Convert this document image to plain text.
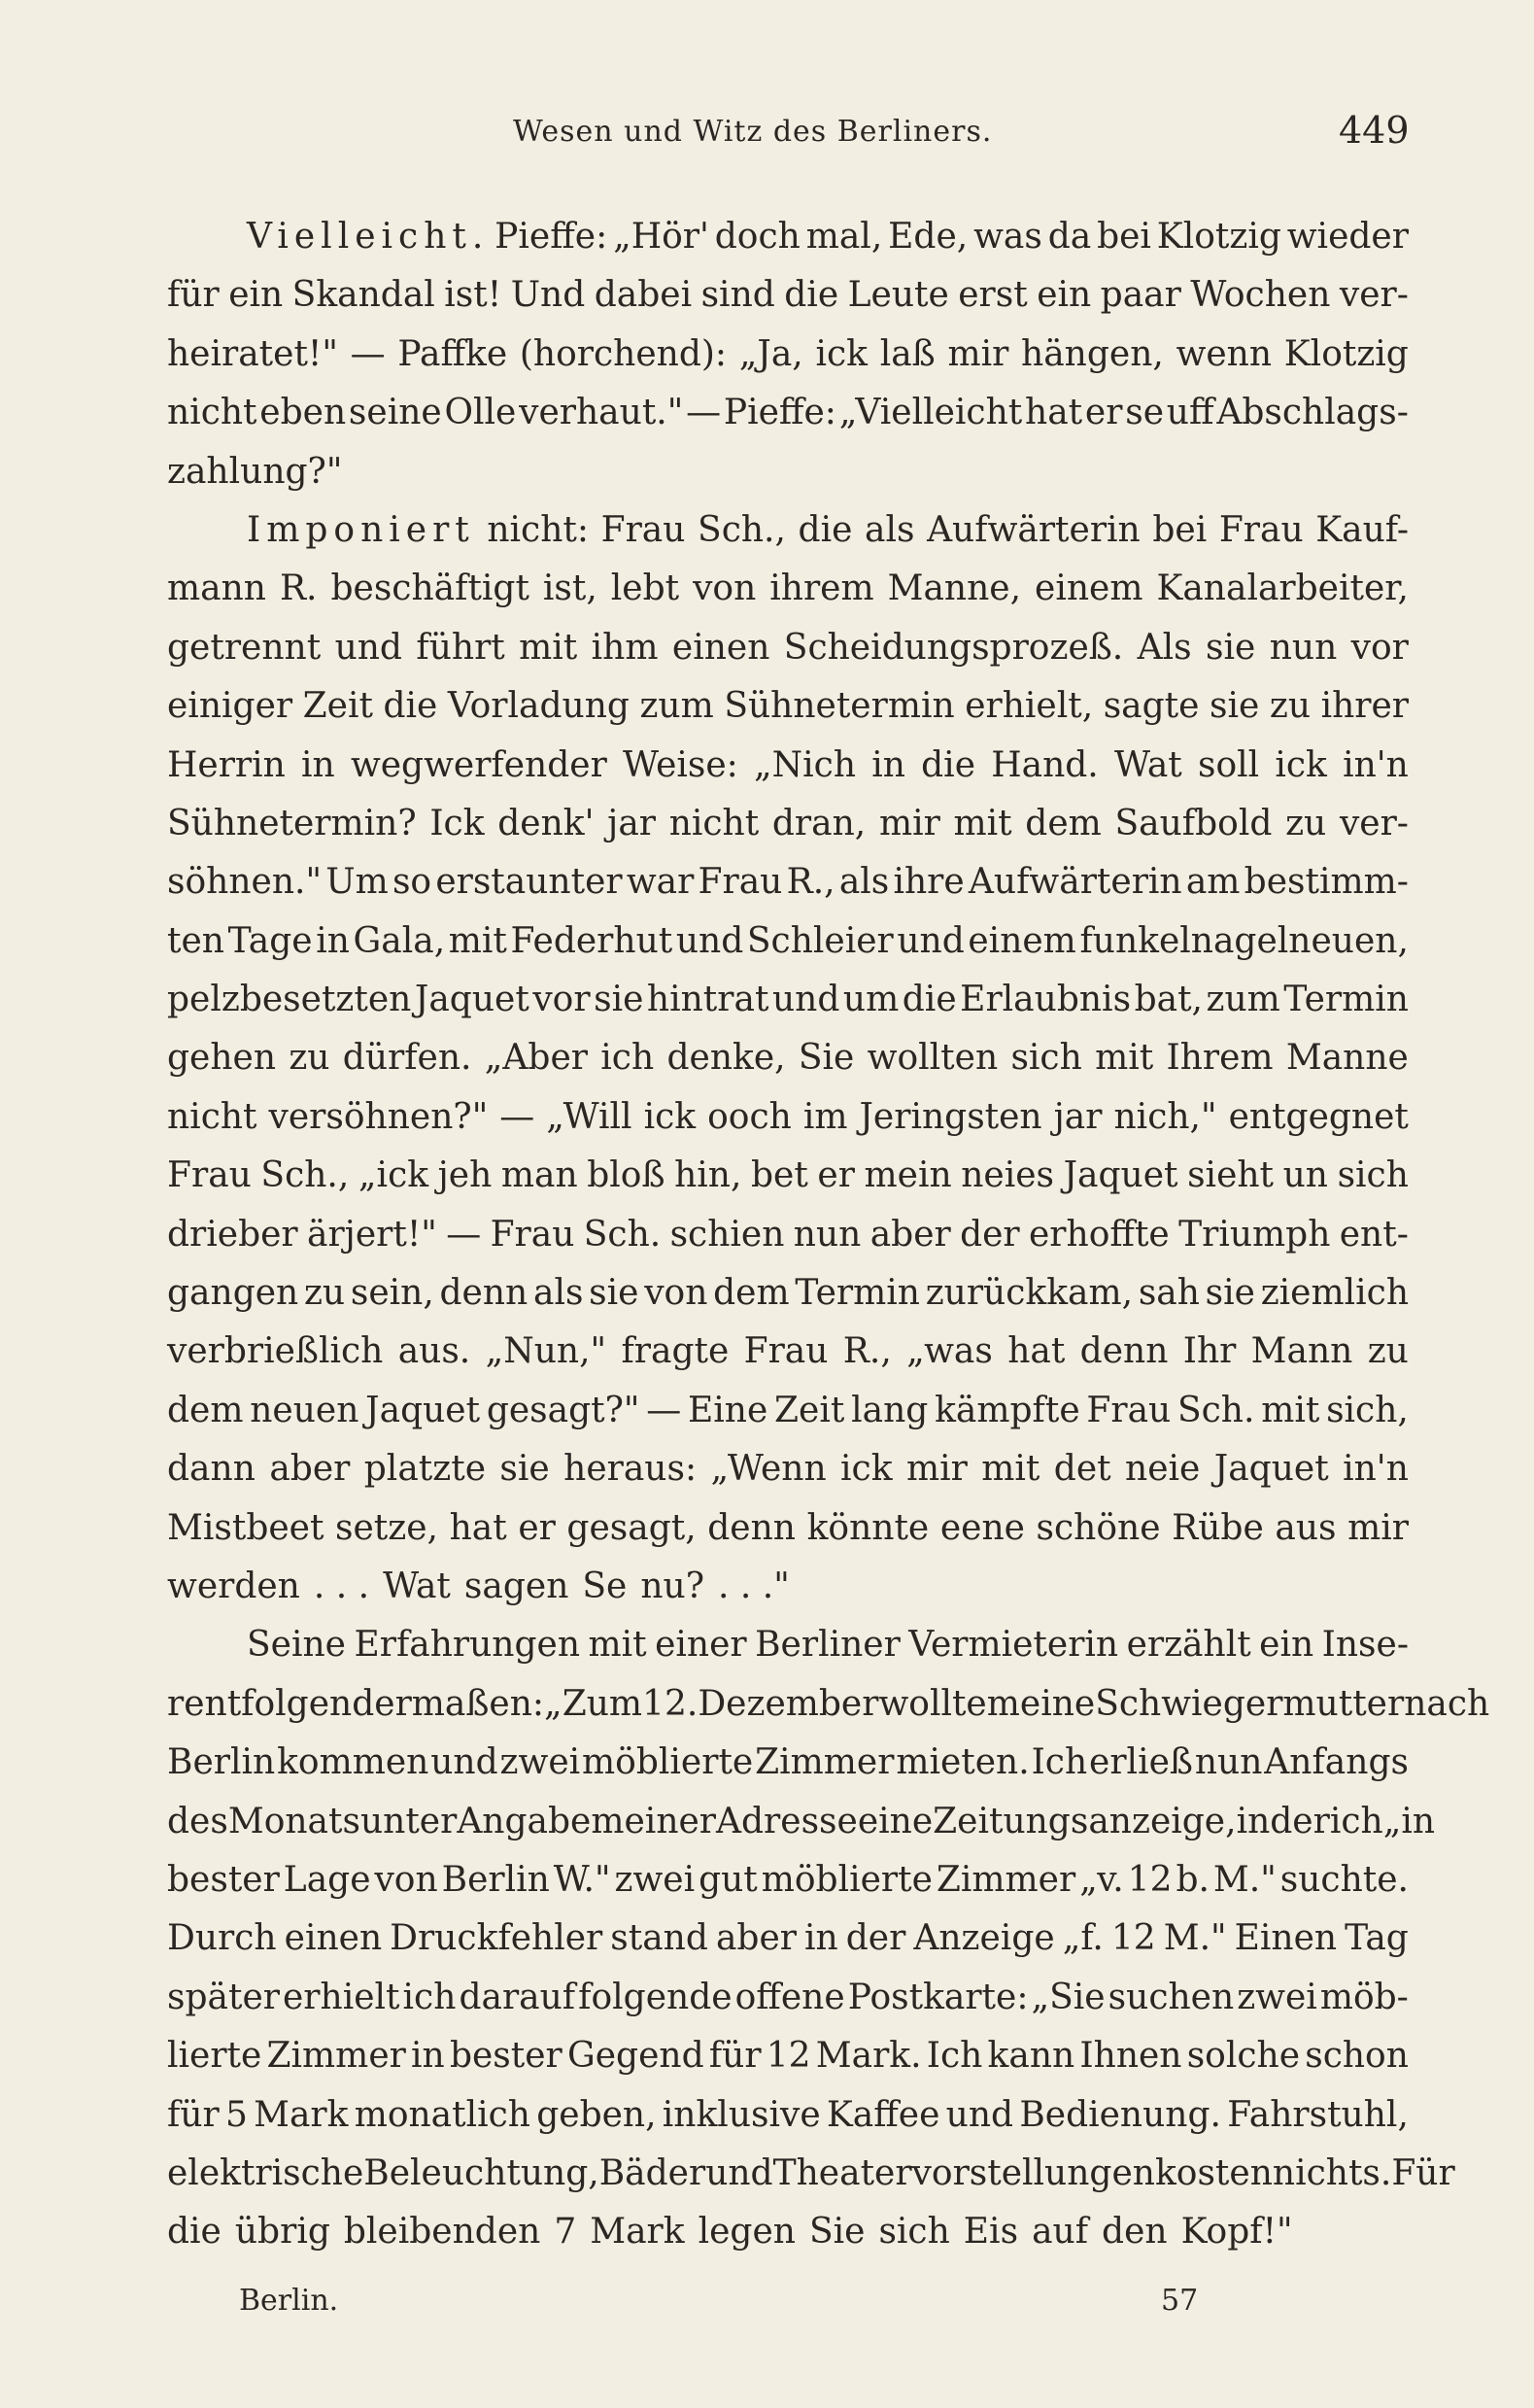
Wesen und Witz des Berliners.	449
Vielleicht. Pieffe: „Hör' doch mal, Ede, was da bei Klotzig wieder
für ein Skandal ist! Und dabei sind die Leute erst ein paar Wochen ver-
heiratet!" — Paffke (horchend): „Ja, ick laß mir hängen, wenn Klotzig
nicht eben seine Olle verhaut." — Pieffe: „Vielleicht hat er se uff Abschlags-
zahlung?"
Imponiert nicht: Frau Sch., die als Aufwärterin bei Frau Kauf-
mann R. beschäftigt ist, lebt von ihrem Manne, einem Kanalarbeiter,
getrennt und führt mit ihm einen Scheidungsprozeß. Als sie nun vor
einiger Zeit die Vorladung zum Sühnetermin erhielt, sagte sie zu ihrer
Herrin in wegwerfender Weise: „Nich in die Hand. Wat soll ick in'n
Sühnetermin? Ick denk' jar nicht dran, mir mit dem Saufbold zu ver-
söhnen." Um so erstaunter war Frau R., als ihre Aufwärterin am bestimm-
ten Tage in Gala, mit Federhut und Schleier und einem funkelnagelneuen,
pelzbesetzten Jaquet vor sie hintrat und um die Erlaubnis bat, zum Termin
gehen zu dürfen. „Aber ich denke, Sie wollten sich mit Ihrem Manne
nicht versöhnen?" — „Will ick ooch im Jeringsten jar nich," entgegnet
Frau Sch., „ick jeh man bloß hin, bet er mein neies Jaquet sieht un sich
drieber ärjert!" — Frau Sch. schien nun aber der erhoffte Triumph ent-
gangen zu sein, denn als sie von dem Termin zurückkam, sah sie ziemlich
verbrießlich aus. „Nun," fragte Frau R., „was hat denn Ihr Mann zu
dem neuen Jaquet gesagt?" — Eine Zeit lang kämpfte Frau Sch. mit sich,
dann aber platzte sie heraus: „Wenn ick mir mit det neie Jaquet in'n
Mistbeet setze, hat er gesagt, denn könnte eene schöne Rübe aus mir
werden . . . Wat sagen Se nu? . . ."
Seine Erfahrungen mit einer Berliner Vermieterin erzählt ein Inse-
rent folgendermaßen: „Zum 12. Dezember wollte meine Schwiegermutter nach
Berlin kommen und zwei möblierte Zimmer mieten. Ich erließ nun Anfangs
des Monats unter Angabe meiner Adresse eine Zeitungsanzeige, in der ich „in
bester Lage von Berlin W." zwei gut möblierte Zimmer „v. 12 b. M." suchte.
Durch einen Druckfehler stand aber in der Anzeige „f. 12 M." Einen Tag
später erhielt ich darauf folgende offene Postkarte: „Sie suchen zwei möb-
lierte Zimmer in bester Gegend für 12 Mark. Ich kann Ihnen solche schon
für 5 Mark monatlich geben, inklusive Kaffee und Bedienung. Fahrstuhl,
elektrische Beleuchtung, Bäder und Theatervorstellungen kosten nichts. Für
die übrig bleibenden 7 Mark legen Sie sich Eis auf den Kopf!"
Berlin.	57
